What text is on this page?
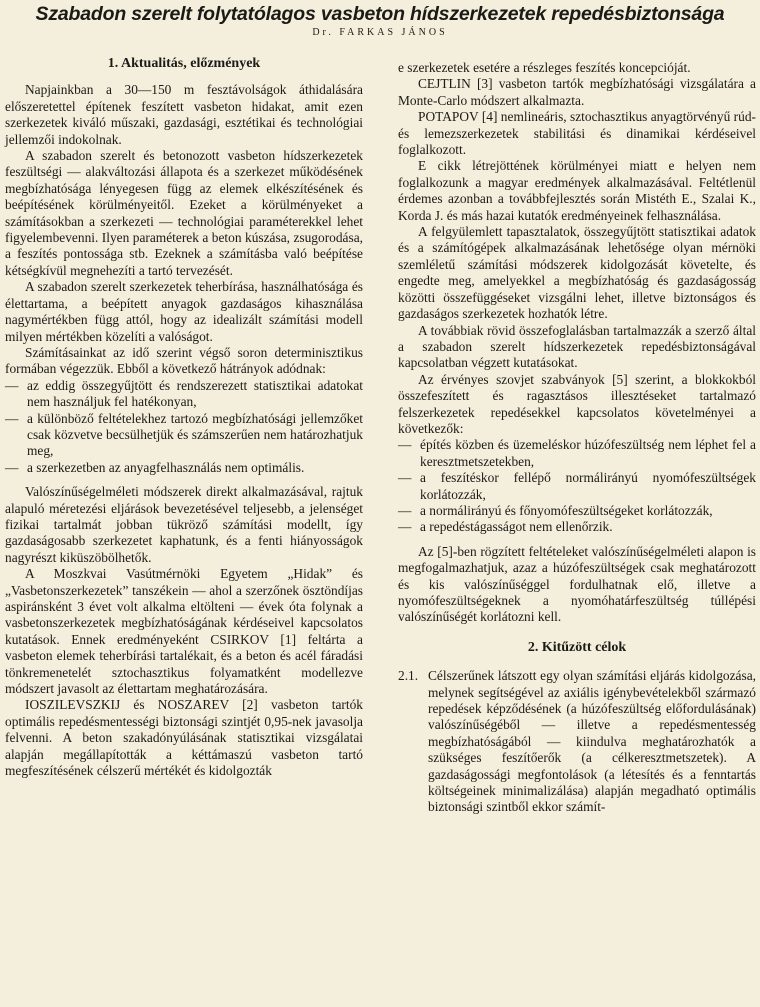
Szabadon szerelt folytatólagos vasbeton hídszerkezetek repedésbiztonsága
Dr. FARKAS JÁNOS
1. Aktualitás, előzmények

Napjainkban a 30—150 m fesztávolságok áthidalására előszeretettel építenek feszített vasbeton hidakat, amit ezen szerkezetek kiváló műszaki, gazdasági, esztétikai és technológiai jellemzői indokolnak.

A szabadon szerelt és betonozott vasbeton hídszerkezetek feszültségi — alakváltozási állapota és a szerkezet működésének megbízhatósága lényegesen függ az elemek elkészítésének és beépítésének körülményeitől. Ezeket a körülményeket a számításokban a szerkezeti — technológiai paraméterekkel lehet figyelembevenni. Ilyen paraméterek a beton kúszása, zsugorodása, a feszítés pontossága stb. Ezeknek a számításba való beépítése kétségkívül megnehezíti a tartó tervezését.

A szabadon szerelt szerkezetek teherbírása, használhatósága és élettartama, a beépített anyagok gazdaságos kihasználása nagymértékben függ attól, hogy az idealizált számítási modell milyen mértékben közelíti a valóságot.

Számításainkat az idő szerint végső soron determinisztikus formában végezzük. Ebből a következő hátrányok adódnak:

— az eddig összegyűjtött és rendszerezett statisztikai adatokat nem használjuk fel hatékonyan,
— a különböző feltételekhez tartozó megbízhatósági jellemzőket csak közvetve becsülhetjük és számszerűen nem határozhatjuk meg,
— a szerkezetben az anyagfelhasználás nem optimális.

Valószínűségelméleti módszerek direkt alkalmazásával, rajtuk alapuló méretezési eljárások bevezetésével teljesebb, a jelenséget fizikai tartalmát jobban tükröző számítási modellt, így gazdaságosabb szerkezetet kaphatunk, és a fenti hiányosságok nagyrészt kiküszöbölhetők.

A Moszkvai Vasútmérnöki Egyetem „Hidak” és „Vasbetonszerkezetek” tanszékein — ahol a szerzőnek ösztöndíjas aspiránsként 3 évet volt alkalma eltölteni — évek óta folynak a vasbetonszerkezetek megbízhatóságának kérdéseivel kapcsolatos kutatások. Ennek eredményeként CSIRKOV [1] feltárta a vasbeton elemek teherbírási tartalékait, és a beton és acél fáradási tönkremenetelét sztochasztikus folyamatként modellezve módszert javasolt az élettartam meghatározására.

IOSZILEVSZKIJ és NOSZAREV [2] vasbeton tartók optimális repedésmentességi biztonsági szintjét 0,95-nek javasolja felvenni. A beton szakadónyúlásának statisztikai vizsgálatai alapján megállapították a kéttámaszú vasbeton tartó megfeszítésének célszerű mértékét és kidolgozták

e szerkezetek esetére a részleges feszítés koncepcióját.

CEJTLIN [3] vasbeton tartók megbízhatósági vizsgálatára a Monte-Carlo módszert alkalmazta.

POTAPOV [4] nemlineáris, sztochasztikus anyagtörvényű rúd- és lemezszerkezetek stabilitási és dinamikai kérdéseivel foglalkozott.

E cikk létrejöttének körülményei miatt e helyen nem foglalkozunk a magyar eredmények alkalmazásával. Feltétlenül érdemes azonban a továbbfejlesztés során Mistéth E., Szalai K., Korda J. és más hazai kutatók eredményeinek felhasználása.

A felgyülemlett tapasztalatok, összegyűjtött statisztikai adatok és a számítógépek alkalmazásának lehetősége olyan mérnöki szemléletű számítási módszerek kidolgozását követelte, és engedte meg, amelyekkel a megbízhatóság és gazdaságosság közötti összefüggéseket vizsgálni lehet, illetve biztonságos és gazdaságos szerkezetek hozhatók létre.

A továbbiak rövid összefoglalásban tartalmazzák a szerző által a szabadon szerelt hídszerkezetek repedésbiztonságával kapcsolatban végzett kutatásokat.

Az érvényes szovjet szabványok [5] szerint, a blokkokból összefeszített és ragasztásos illesztéseket tartalmazó felszerkezetek repedésekkel kapcsolatos követelményei a következők:

— építés közben és üzemeléskor húzófeszültség nem léphet fel a keresztmetszetekben,
— a feszítéskor fellépő normálirányú nyomófeszültségek korlátozzák,
— a normálirányú és főnyomófeszültségeket korlátozzák,
— a repedéstágasságot nem ellenőrzik.

Az [5]-ben rögzített feltételeket valószínűségelméleti alapon is megfogalmazhatjuk, azaz a húzófeszültségek csak meghatározott és kis valószínűséggel fordulhatnak elő, illetve a nyomófeszültségeknek a nyomóhatárfeszültség túllépési valószínűségét korlátozni kell.

2. Kitűzött célok
2.1. Célszerűnek látszott egy olyan számítási eljárás kidolgozása, melynek segítségével az axiális igénybevételekből származó repedések képződésének (a húzófeszültség előfordulásának) valószínűségéből — illetve a repedésmentesség megbízhatóságából — kiindulva meghatározhatók a szükséges feszítőerők (a célkeresztmetszetek). A gazdaságossági megfontolások (a létesítés és a fenntartás költségeinek minimalizálása) alapján megadható optimális biztonsági szintből ekkor számít-
